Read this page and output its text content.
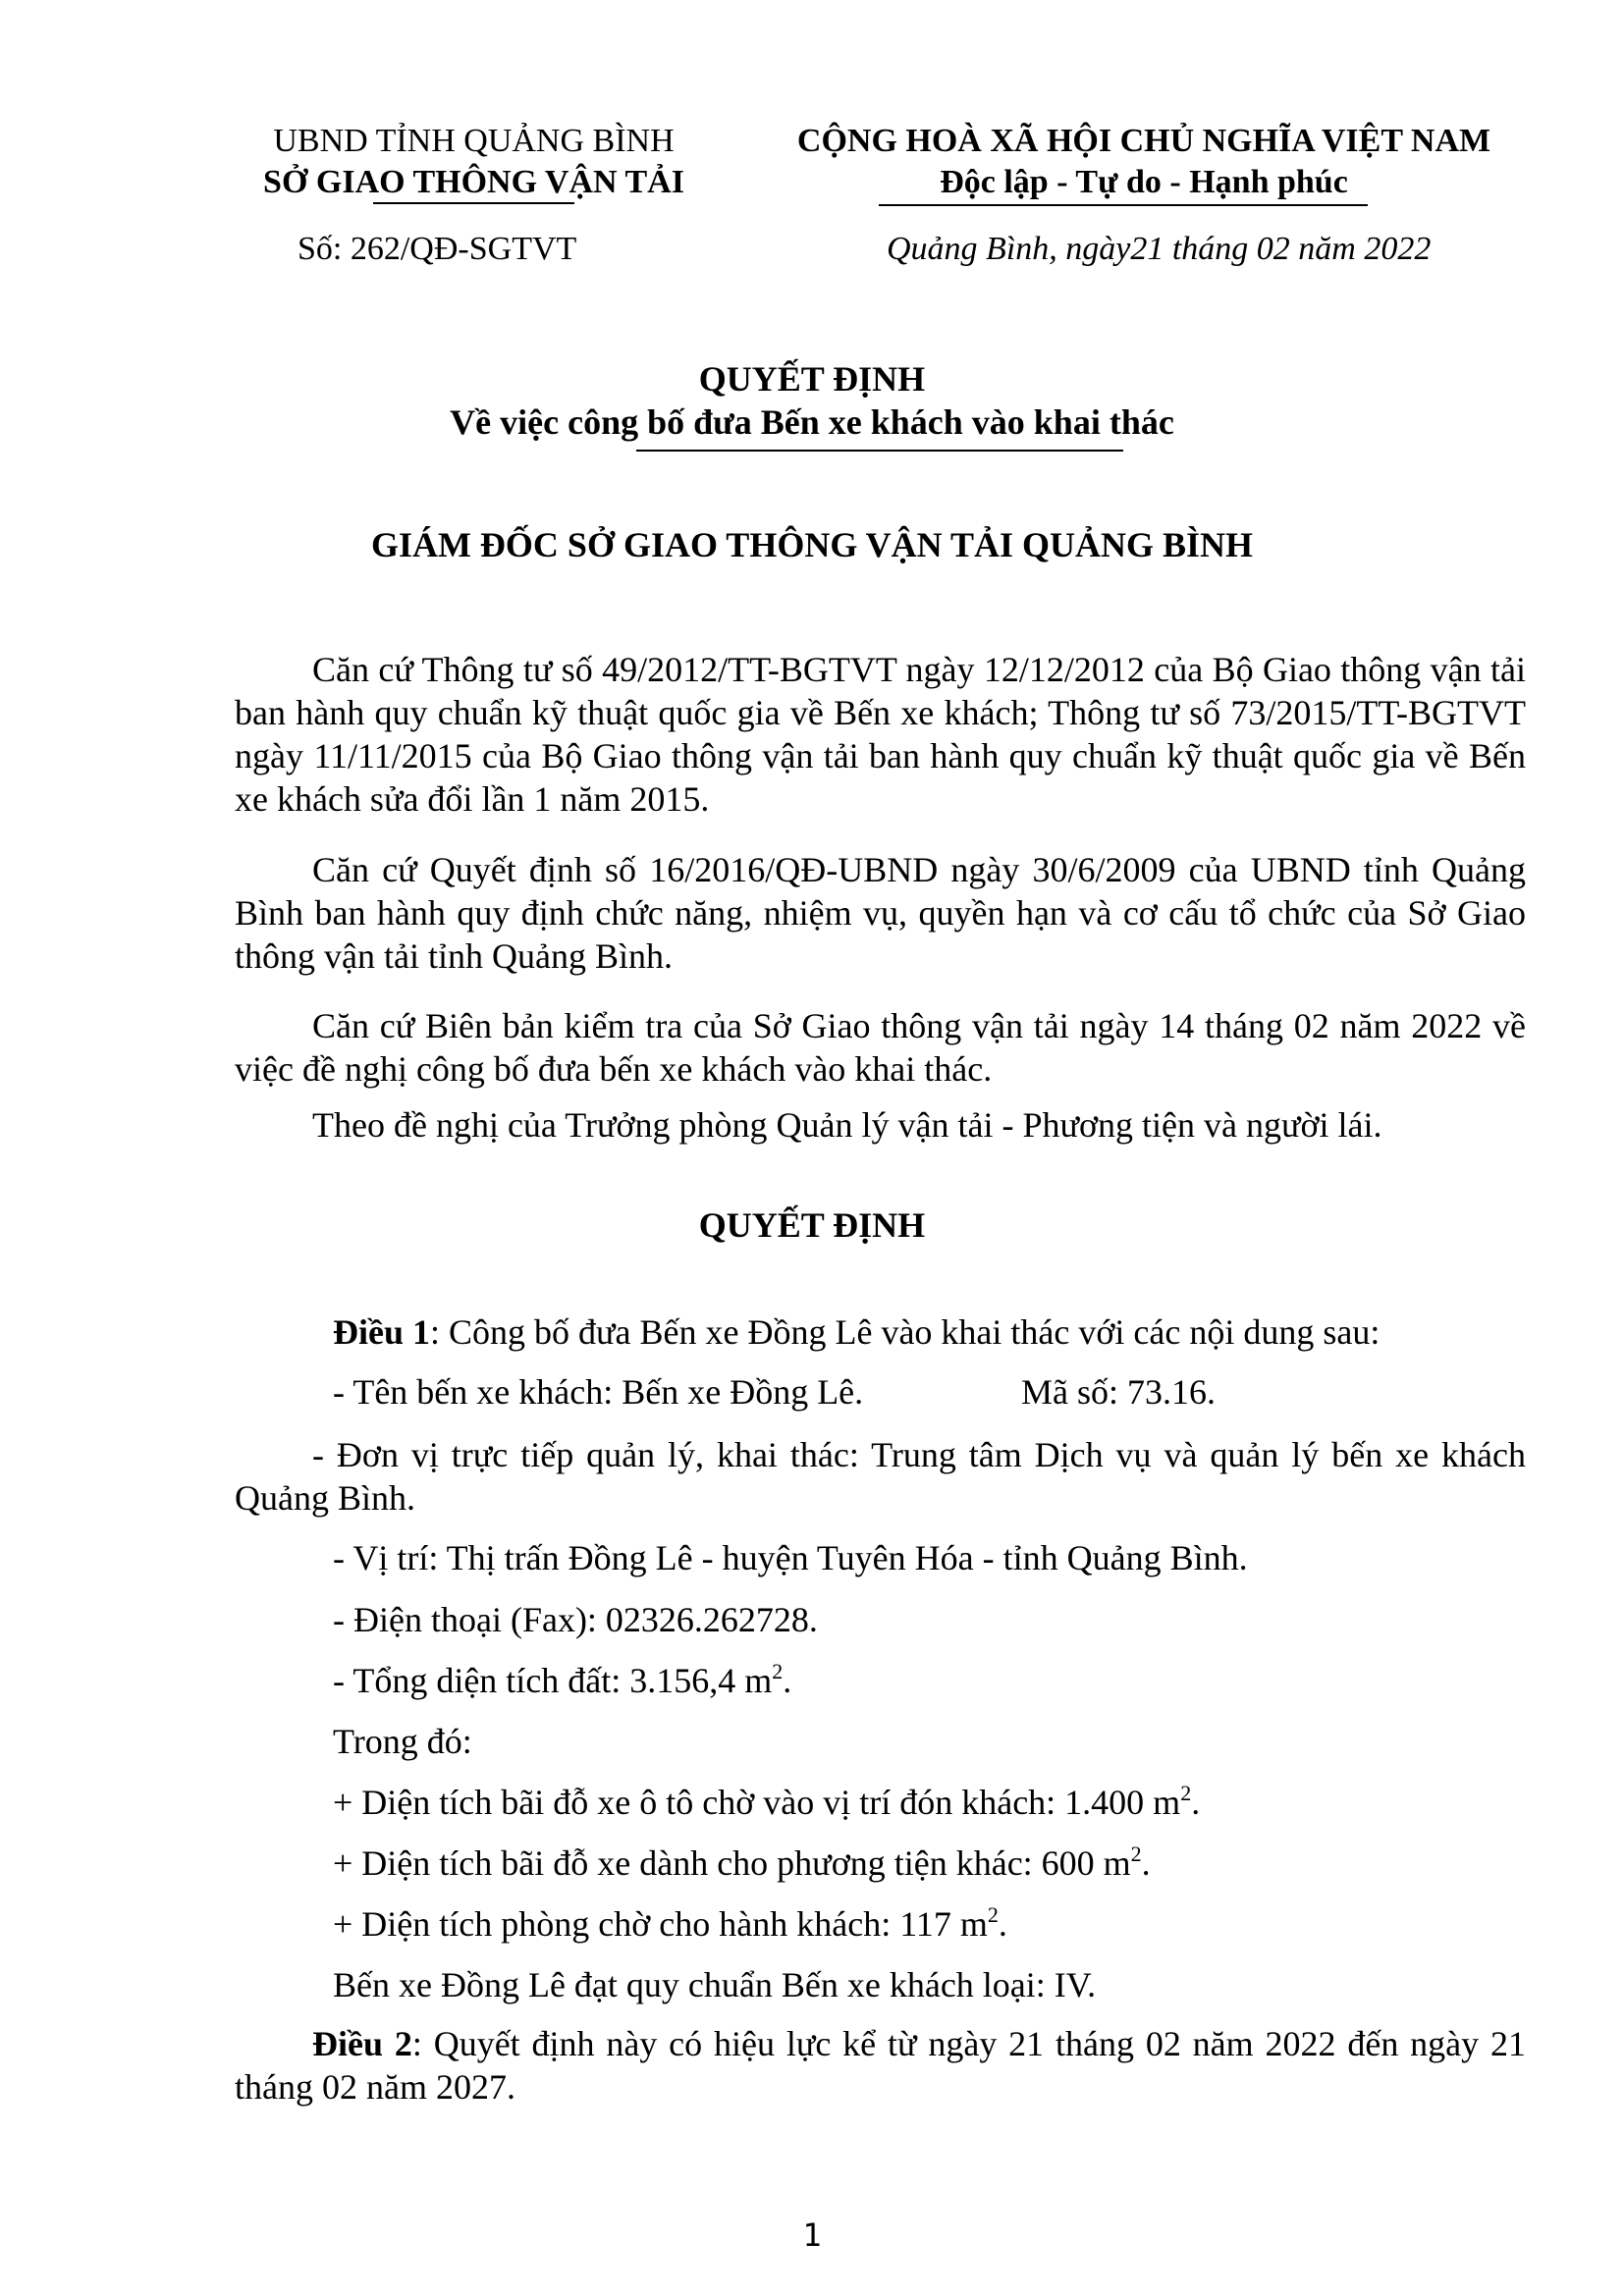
UBND TỈNH QUẢNG BÌNH
SỞ GIAO THÔNG VẬN TẢI
Số: 262/QĐ-SGTVT
CỘNG HOÀ XÃ HỘI CHỦ NGHĨA VIỆT NAM
Độc lập - Tự do - Hạnh phúc
Quảng Bình, ngày21 tháng 02 năm 2022
QUYẾT ĐỊNH
Về việc công bố đưa Bến xe khách vào khai thác
GIÁM ĐỐC SỞ GIAO THÔNG VẬN TẢI QUẢNG BÌNH
Căn cứ Thông tư số 49/2012/TT-BGTVT ngày 12/12/2012 của Bộ Giao thông vận tải ban hành quy chuẩn kỹ thuật quốc gia về Bến xe khách; Thông tư số 73/2015/TT-BGTVT ngày 11/11/2015 của Bộ Giao thông vận tải ban hành quy chuẩn kỹ thuật quốc gia về Bến xe khách sửa đổi lần 1 năm 2015.
Căn cứ Quyết định số 16/2016/QĐ-UBND ngày 30/6/2009 của UBND tỉnh Quảng Bình ban hành quy định chức năng, nhiệm vụ, quyền hạn và cơ cấu tổ chức của Sở Giao thông vận tải tỉnh Quảng Bình.
Căn cứ Biên bản kiểm tra của Sở Giao thông vận tải ngày 14 tháng 02 năm 2022 về việc đề nghị công bố đưa bến xe khách vào khai thác.
Theo đề nghị của Trưởng phòng Quản lý vận tải - Phương tiện và người lái.
QUYẾT ĐỊNH
Điều 1: Công bố đưa Bến xe Đồng Lê vào khai thác với các nội dung sau:
- Tên bến xe khách: Bến xe Đồng Lê.	Mã số: 73.16.
- Đơn vị trực tiếp quản lý, khai thác: Trung tâm Dịch vụ và quản lý bến xe khách Quảng Bình.
- Vị trí: Thị trấn Đồng Lê - huyện Tuyên Hóa - tỉnh Quảng Bình.
- Điện thoại (Fax): 02326.262728.
- Tổng diện tích đất: 3.156,4 $m^2$.
Trong đó:
+ Diện tích bãi đỗ xe ô tô chờ vào vị trí đón khách: 1.400 $m^2$.
+ Diện tích bãi đỗ xe dành cho phương tiện khác: 600 $m^2$.
+ Diện tích phòng chờ cho hành khách: 117 $m^2$.
Bến xe Đồng Lê đạt quy chuẩn Bến xe khách loại: IV.
Điều 2: Quyết định này có hiệu lực kể từ ngày 21 tháng 02 năm 2022 đến ngày 21 tháng 02 năm 2027.
1
